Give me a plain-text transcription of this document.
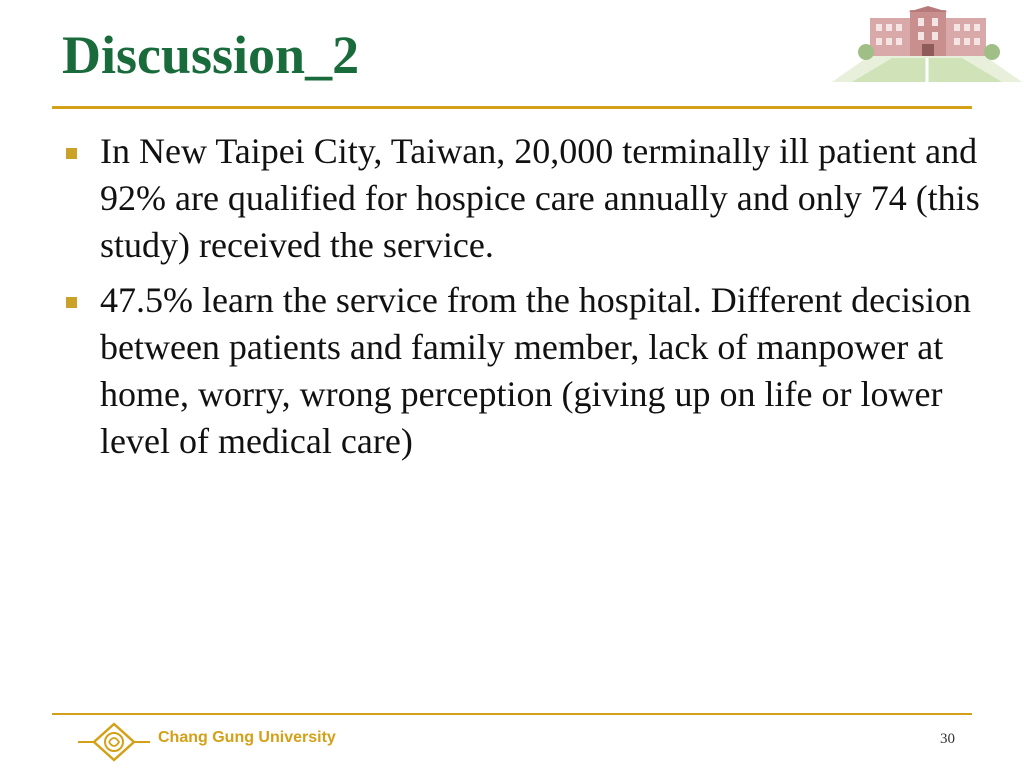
Discussion_2
In New Taipei City, Taiwan, 20,000 terminally ill patient and 92% are qualified for hospice care annually and only 74 (this study) received the service.
47.5% learn the service from the hospital. Different decision between patients and family member, lack of manpower at home, worry, wrong perception (giving up on life or lower level of medical care)
Chang Gung University	30
